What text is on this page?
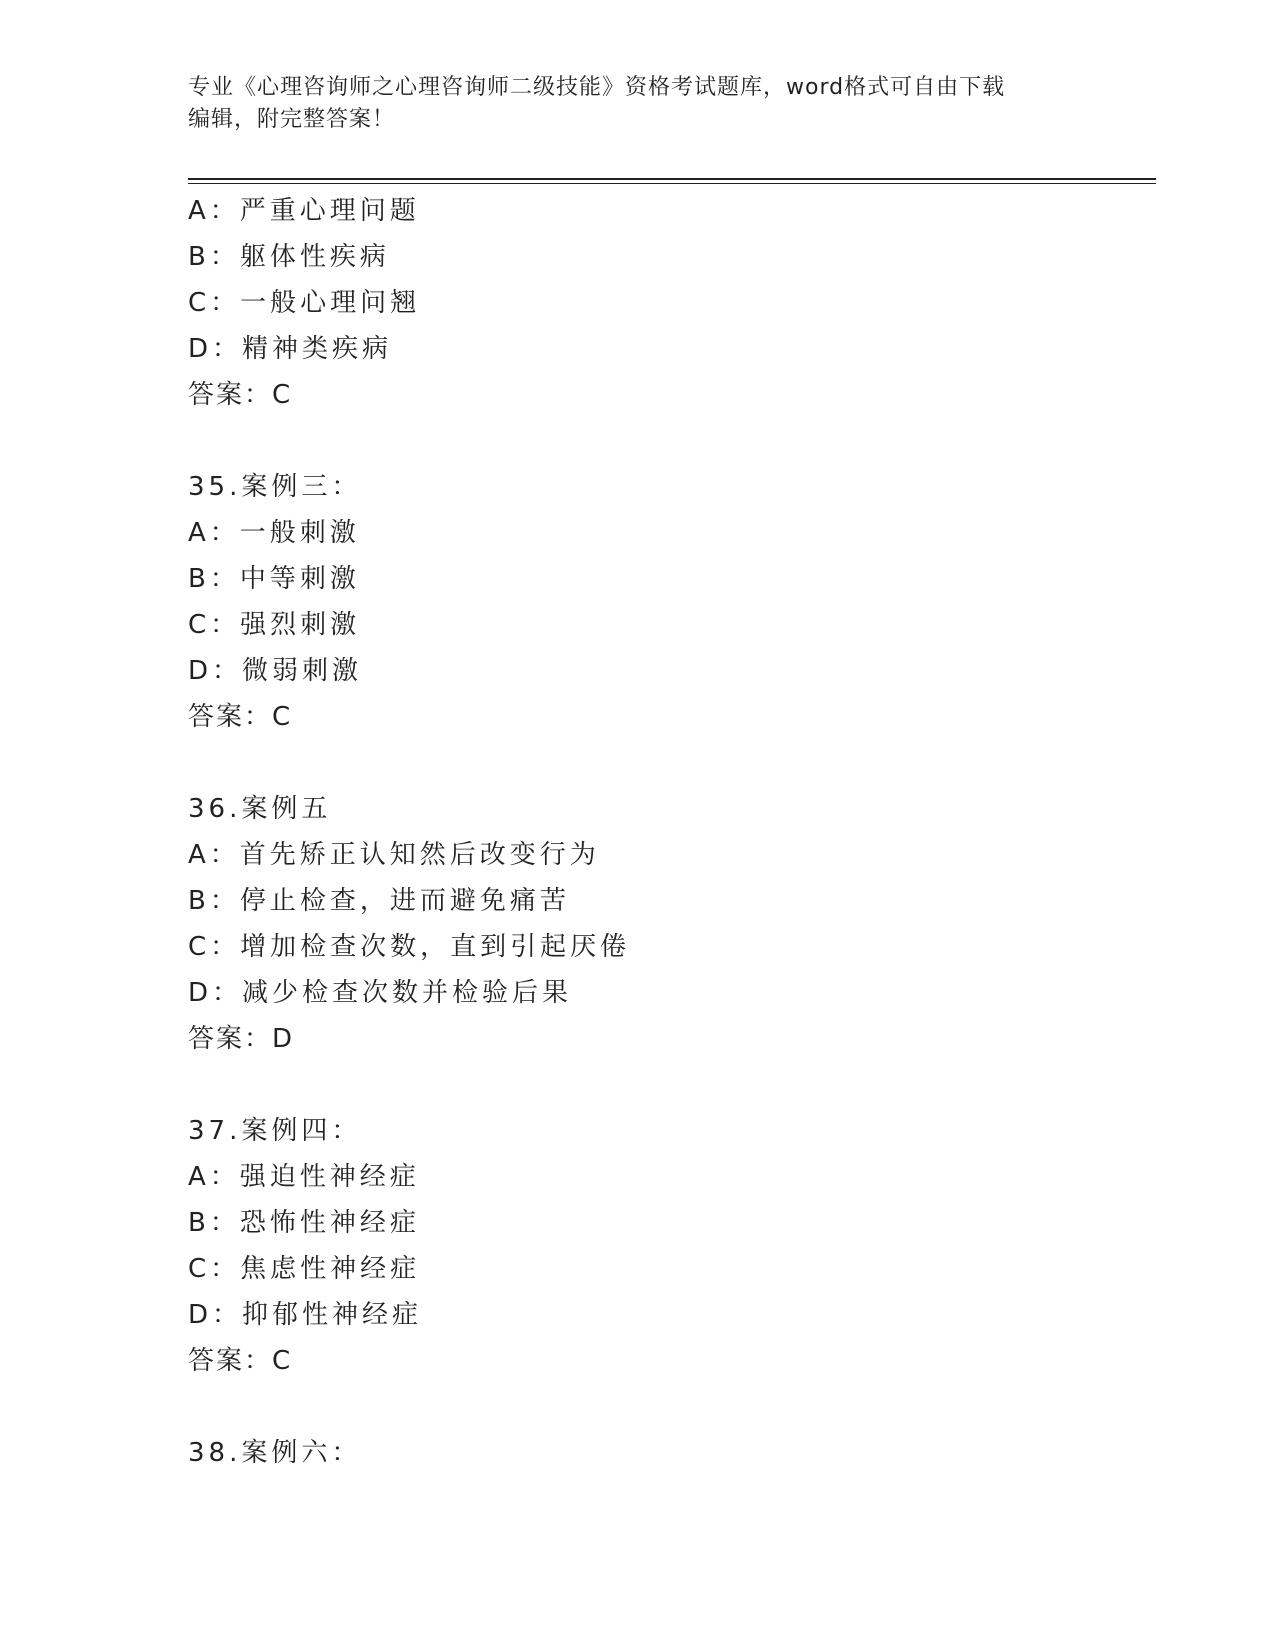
专业《心理咨询师之心理咨询师二级技能》资格考试题库，word格式可自由下载
编辑，附完整答案！
A：严重心理问题
B：躯体性疾病
C：一般心理问翘
D：精神类疾病
答案：C
35.案例三：
A：一般刺激
B：中等刺激
C：强烈刺激
D：微弱刺激
答案：C
36.案例五
A：首先矫正认知然后改变行为
B：停止检查，进而避免痛苦
C：增加检查次数，直到引起厌倦
D：减少检查次数并检验后果
答案：D
37.案例四：
A：强迫性神经症
B：恐怖性神经症
C：焦虑性神经症
D：抑郁性神经症
答案：C
38.案例六：
